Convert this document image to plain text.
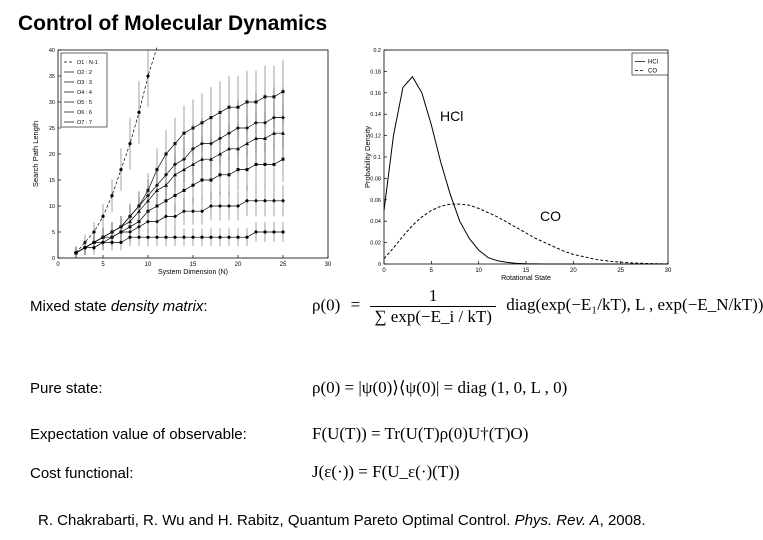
Control of Molecular Dynamics
0	5	10	15	20	25	30
0
5
10
15
20
25
30
35
40
System Dimension (N)
Search Path Length
O1 : N-1
O2 : 2
O3 : 3
O4 : 4
O5 : 5
O6 : 6
O7 : 7
0	5	10	15	20	25	30
0
0.02
0.04
0.06
0.08
0.1
0.12
0.14
0.16
0.18
0.2
Rotational State
Probability Density
HCl
CO
HCl
CO
Mixed state density matrix:
Pure state:
Expectation value of observable:
Cost functional:
$\rho(0) = \frac{1}{\sum \exp(-E\_i / kT)}$ diag(exp(−E₁/kT), L , exp(−E_N/kT))
ρ(0) = |ψ(0)⟩⟨ψ(0)| = diag (1, 0, L , 0)
F(U(T)) = Tr(U(T)ρ(0)U†(T)O)
J(ε(·)) = F(U_ε(·)(T))
R. Chakrabarti, R. Wu and H. Rabitz, Quantum Pareto Optimal Control. Phys. Rev. A, 2008.
